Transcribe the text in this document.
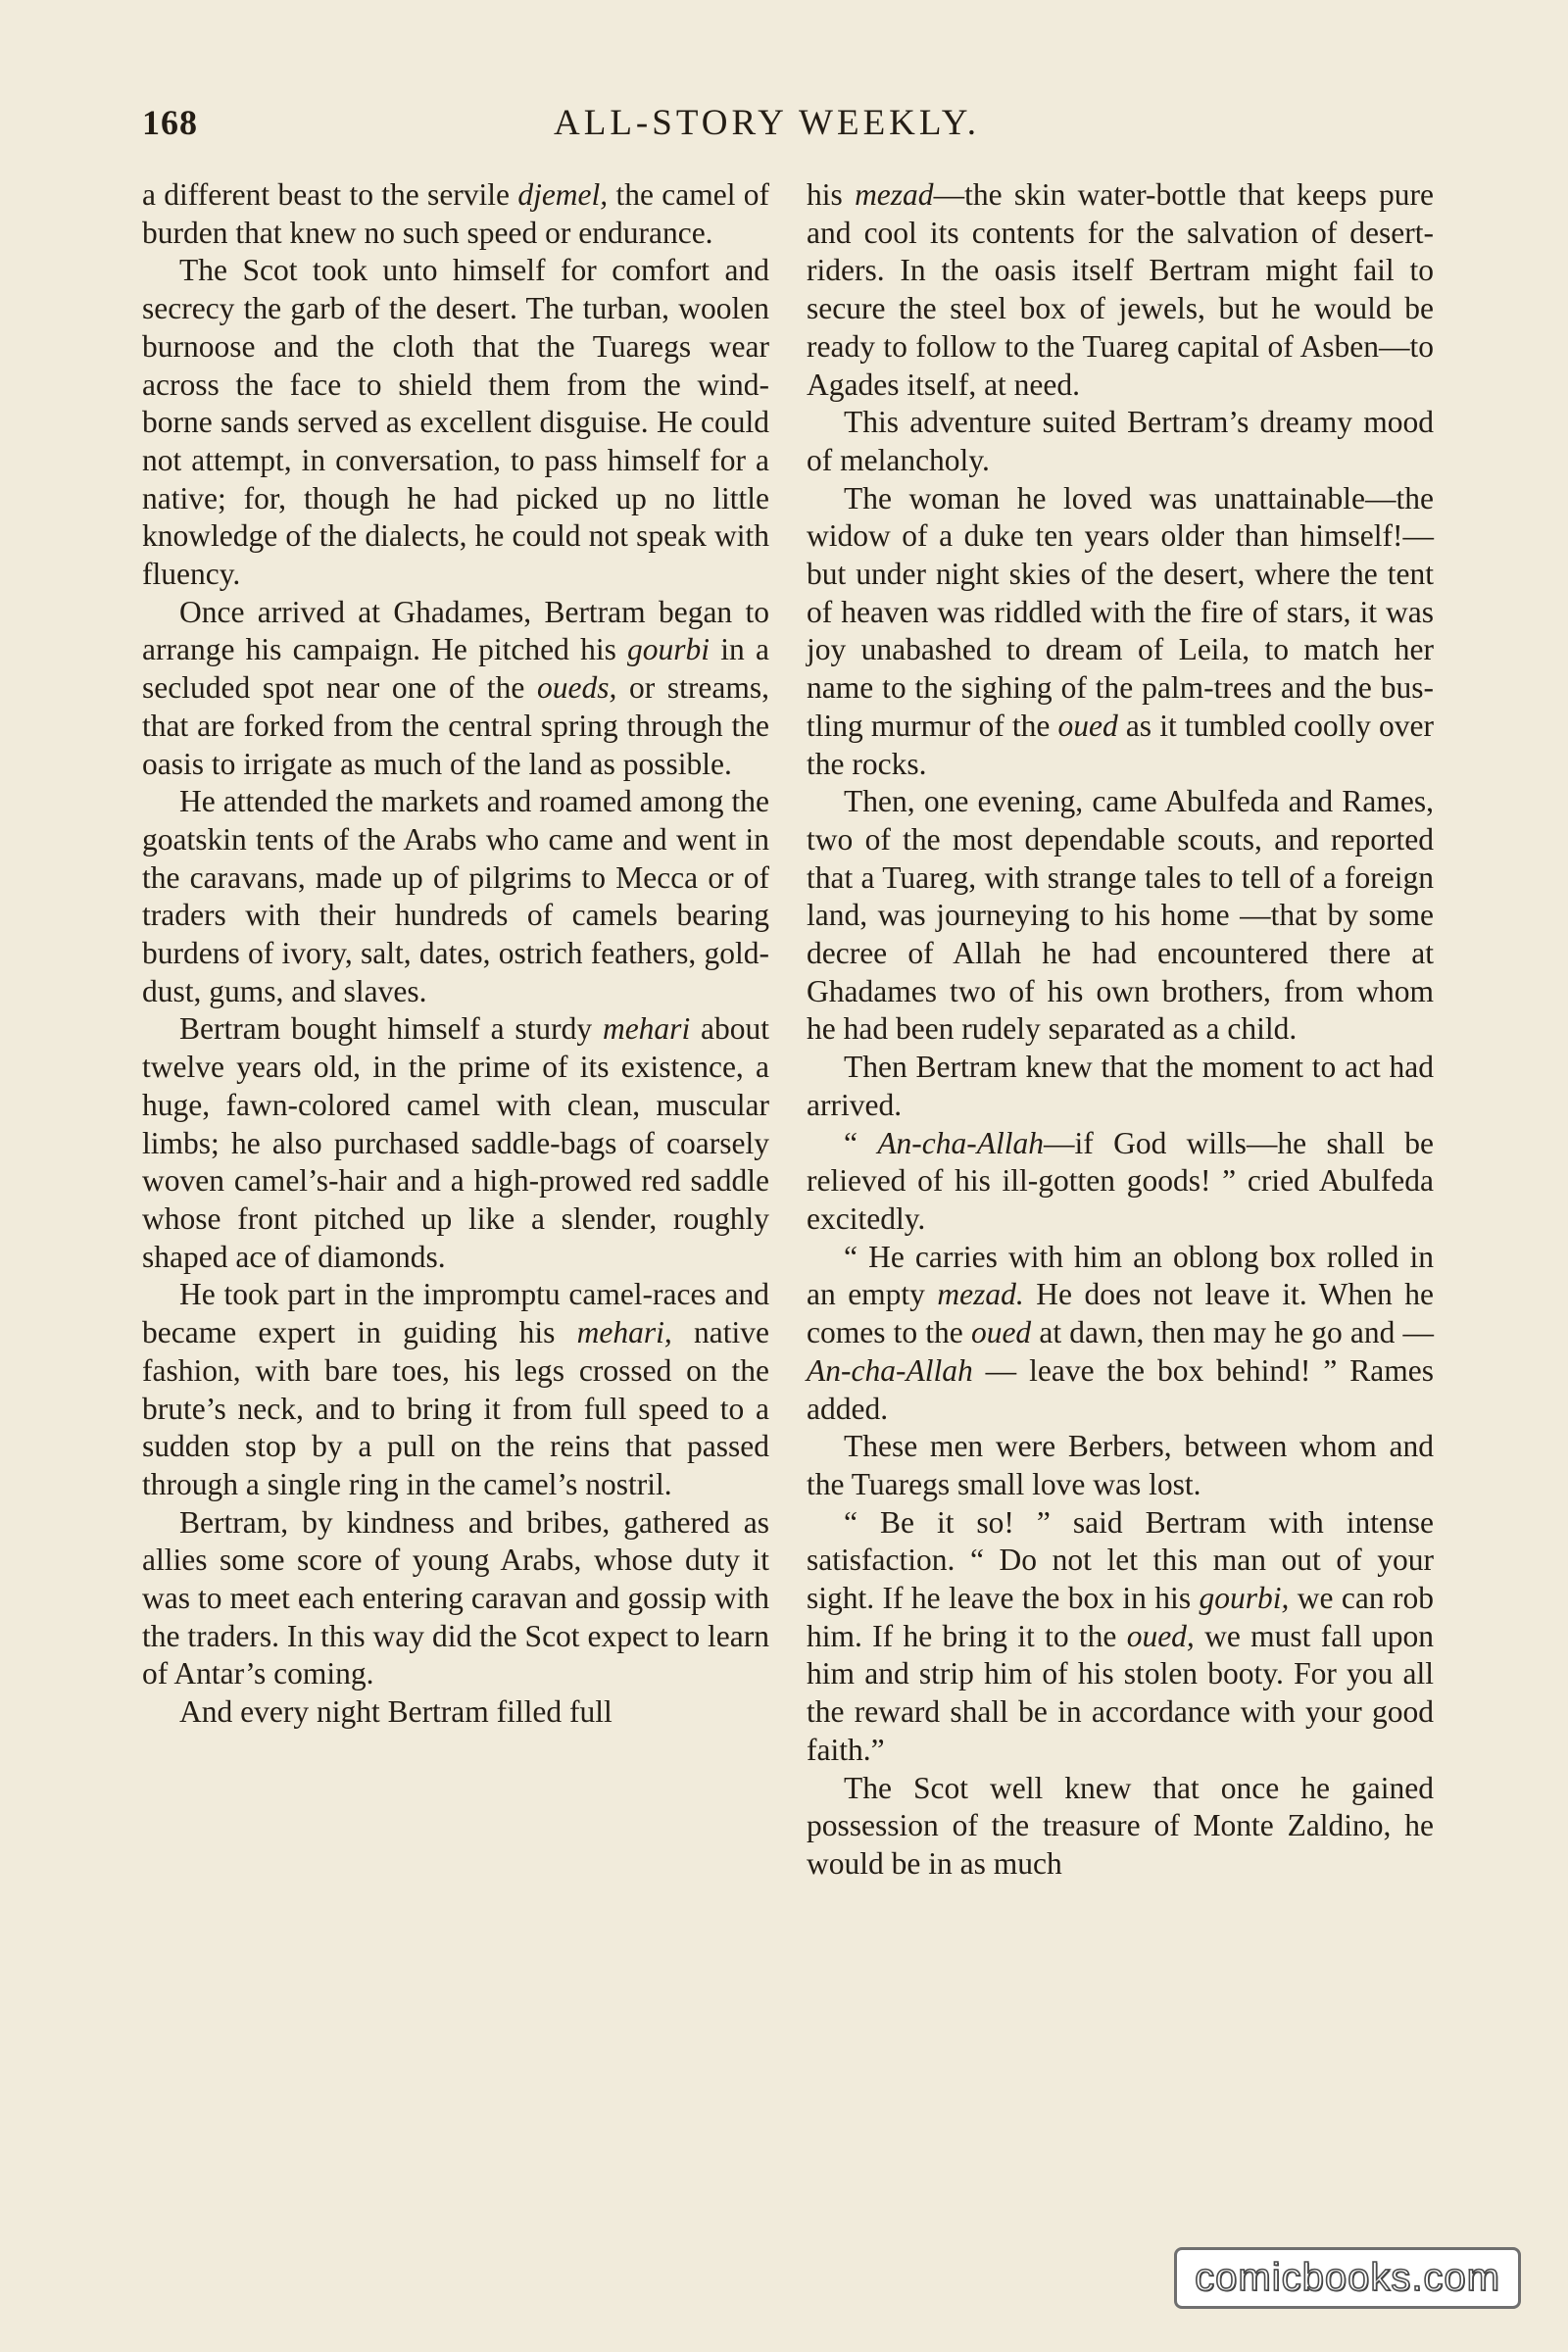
168	ALL-STORY WEEKLY.

a different beast to the servile djemel, the camel of burden that knew no such speed or endurance.

The Scot took unto himself for comfort and secrecy the garb of the desert. The turban, woolen burnoose and the cloth that the Tuaregs wear across the face to shield them from the wind-borne sands served as excellent disguise. He could not attempt, in conversation, to pass himself for a native; for, though he had picked up no little knowledge of the dialects, he could not speak with fluency.

Once arrived at Ghadames, Bertram began to arrange his campaign. He pitched his gourbi in a secluded spot near one of the oueds, or streams, that are forked from the central spring through the oasis to irrigate as much of the land as possible.

He attended the markets and roamed among the goatskin tents of the Arabs who came and went in the caravans, made up of pilgrims to Mecca or of traders with their hundreds of camels bearing burdens of ivory, salt, dates, ostrich feathers, gold-dust, gums, and slaves.

Bertram bought himself a sturdy mehari about twelve years old, in the prime of its existence, a huge, fawn-colored camel with clean, muscular limbs; he also purchased saddle-bags of coarsely woven camel’s-hair and a high-prowed red saddle whose front pitched up like a slender, roughly shaped ace of diamonds.

He took part in the impromptu camel-races and became expert in guiding his mehari, native fashion, with bare toes, his legs crossed on the brute’s neck, and to bring it from full speed to a sudden stop by a pull on the reins that passed through a single ring in the camel’s nostril.

Bertram, by kindness and bribes, gathered as allies some score of young Arabs, whose duty it was to meet each entering caravan and gossip with the traders. In this way did the Scot expect to learn of Antar’s coming.

And every night Bertram filled full

his mezad—the skin water-bottle that keeps pure and cool its contents for the salvation of desert-riders. In the oasis itself Bertram might fail to secure the steel box of jewels, but he would be ready to follow to the Tuareg capital of Asben—to Agades itself, at need.

This adventure suited Bertram’s dreamy mood of melancholy.

The woman he loved was unattainable—the widow of a duke ten years older than himself!—but under night skies of the desert, where the tent of heaven was riddled with the fire of stars, it was joy unabashed to dream of Leila, to match her name to the sighing of the palm-trees and the bustling murmur of the oued as it tumbled coolly over the rocks.

Then, one evening, came Abulfeda and Rames, two of the most dependable scouts, and reported that a Tuareg, with strange tales to tell of a foreign land, was journeying to his home —that by some decree of Allah he had encountered there at Ghadames two of his own brothers, from whom he had been rudely separated as a child.

Then Bertram knew that the moment to act had arrived.

“ An-cha-Allah—if God wills—he shall be relieved of his ill-gotten goods! ” cried Abulfeda excitedly.

“ He carries with him an oblong box rolled in an empty mezad. He does not leave it. When he comes to the oued at dawn, then may he go and — An-cha-Allah — leave the box behind! ” Rames added.

These men were Berbers, between whom and the Tuaregs small love was lost.

“ Be it so! ” said Bertram with intense satisfaction. “ Do not let this man out of your sight. If he leave the box in his gourbi, we can rob him. If he bring it to the oued, we must fall upon him and strip him of his stolen booty. For you all the reward shall be in accordance with your good faith.”

The Scot well knew that once he gained possession of the treasure of Monte Zaldino, he would be in as much

comicbooks.com
